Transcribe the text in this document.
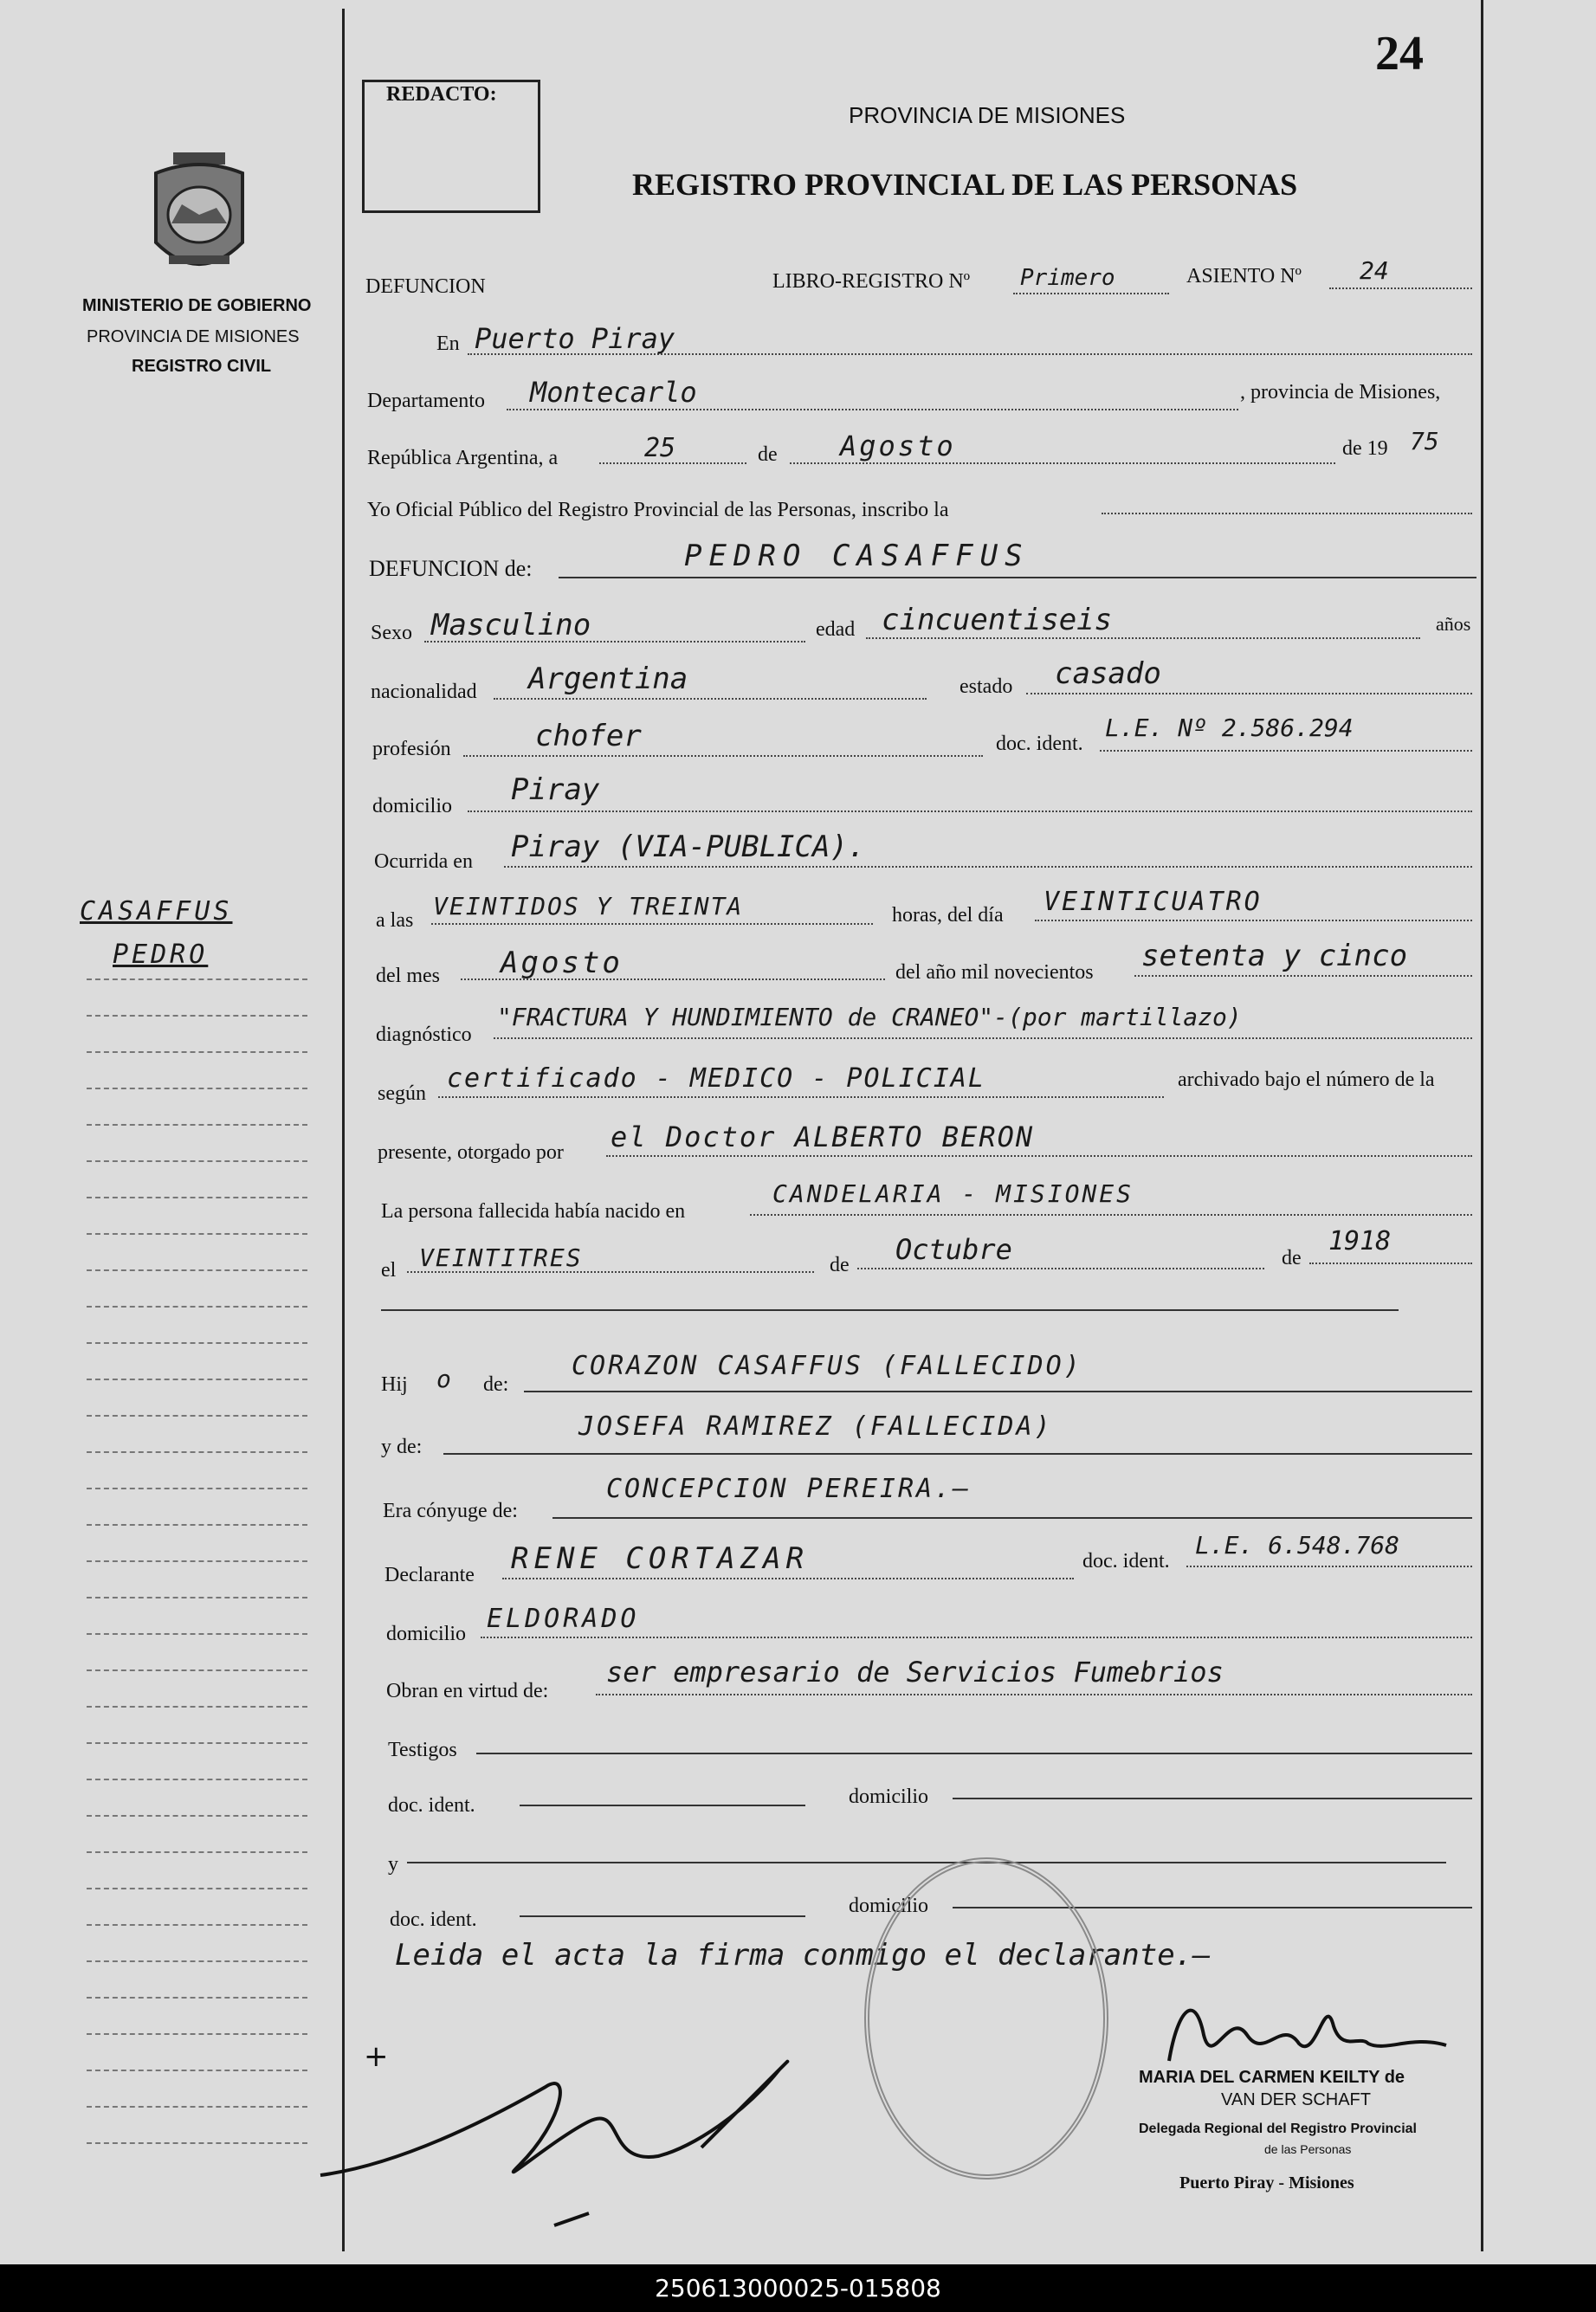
24
REDACTO:
PROVINCIA DE MISIONES
REGISTRO PROVINCIAL DE LAS PERSONAS
MINISTERIO DE GOBIERNO
PROVINCIA DE MISIONES
REGISTRO CIVIL
CASAFFUS
PEDRO
DEFUNCION	LIBRO-REGISTRO Nº Primero	ASIENTO Nº 24
En Puerto Piray
Departamento Montecarlo	, provincia de Misiones,
República Argentina, a	25	de Agosto	de 19 75
Yo Oficial Público del Registro Provincial de las Personas, inscribo la
DEFUNCION de:	PEDRO CASAFFUS
Sexo Masculino	edad cincuentiseis	años
nacionalidad Argentina	estado casado
profesión	chofer	doc. ident.
L.E. Nº 2.586.294
domicilio Piray
Ocurrida en Piray (VIA-PUBLICA).
a las VEINTIDOS Y TREINTA	horas, del día VEINTICUATRO
del mes Agosto	del año mil novecientos setenta y cinco
diagnóstico
"FRACTURA Y HUNDIMIENTO de CRANEO"-(por martillazo)
según certificado - MEDICO - POLICIAL	archivado bajo el número de la
presente, otorgado por el Doctor ALBERTO BERON
La persona fallecida había nacido en
CANDELARIA - MISIONES
el VEINTITRES	de Octubre	de
1918
Hij o de:
CORAZON CASAFFUS (FALLECIDO)
y de:
JOSEFA RAMIREZ (FALLECIDA)
Era cónyuge de:
CONCEPCION PEREIRA.—
Declarante RENE CORTAZAR	doc. ident.
L.E. 6.548.768
domicilio ELDORADO
Obran en virtud de:
ser empresario de Servicios Fumebrios
Testigos
doc. ident.	domicilio
y
domicilio
doc. ident.
Leida el acta la firma conmigo el declarante.—
+
MARIA DEL CARMEN KEILTY de
VAN DER SCHAFT
Delegada Regional del Registro Provincial
de las Personas
Puerto Piray - Misiones
250613000025-015808
